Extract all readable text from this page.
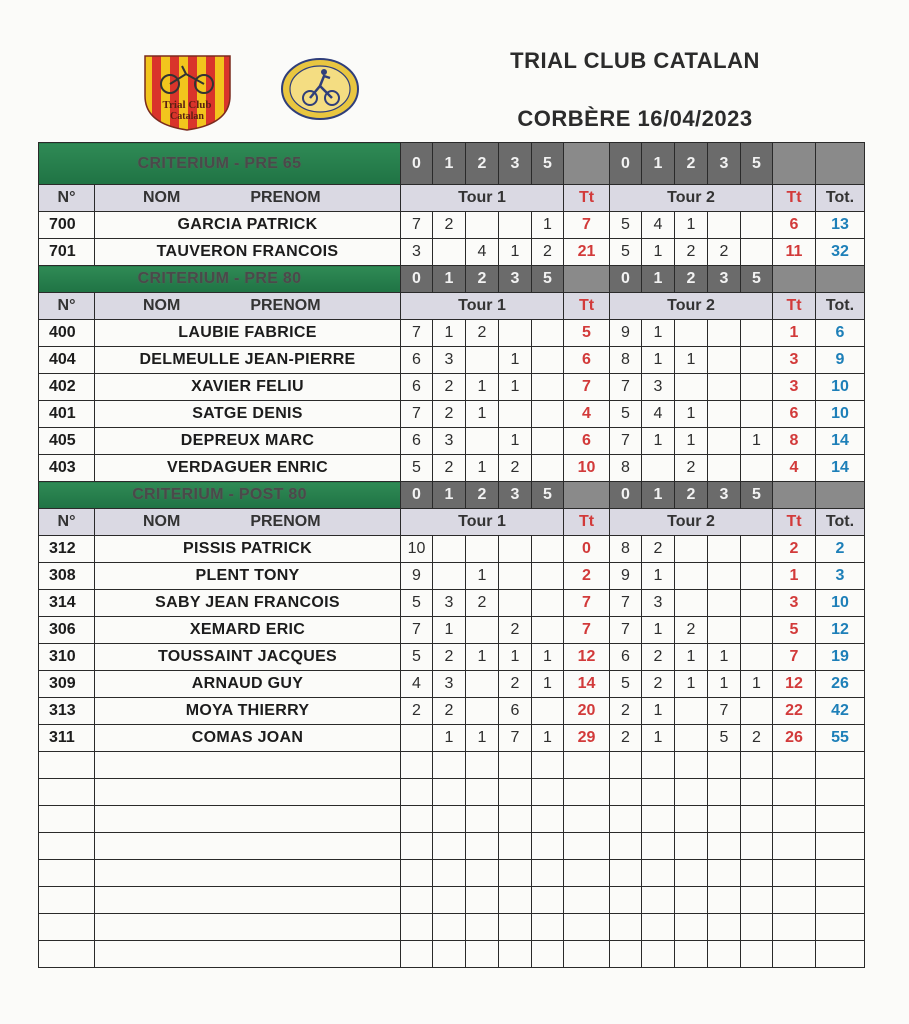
Trial Club
Catalan
TRIAL CLUB CATALAN
CORBÈRE 16/04/2023
CRITERIUM - PRE 65		0	1	2	3	5		0	1	2	3	5		
N°	NOM PRENOM	Tour 1					Tt	Tour 2					Tt	Tot.
700	GARCIA PATRICK	7	2			1	7	5	4	1			6	13
701	TAUVERON FRANCOIS	3		4	1	2	21	5	1	2	2		11	32
CRITERIUM - PRE 80		0	1	2	3	5		0	1	2	3	5		
N°	NOM PRENOM	Tour 1					Tt	Tour 2					Tt	Tot.
400	LAUBIE FABRICE	7	1	2			5	9	1				1	6
404	DELMEULLE JEAN-PIERRE	6	3		1		6	8	1	1			3	9
402	XAVIER FELIU	6	2	1	1		7	7	3				3	10
401	SATGE DENIS	7	2	1			4	5	4	1			6	10
405	DEPREUX MARC	6	3		1		6	7	1	1		1	8	14
403	VERDAGUER ENRIC	5	2	1	2		10	8		2			4	14
CRITERIUM - POST 80		0	1	2	3	5		0	1	2	3	5		
N°	NOM PRENOM	Tour 1					Tt	Tour 2					Tt	Tot.
312	PISSIS PATRICK	10					0	8	2				2	2
308	PLENT TONY	9		1			2	9	1				1	3
314	SABY JEAN FRANCOIS	5	3	2			7	7	3				3	10
306	XEMARD ERIC	7	1		2		7	7	1	2			5	12
310	TOUSSAINT JACQUES	5	2	1	1	1	12	6	2	1	1		7	19
309	ARNAUD GUY	4	3		2	1	14	5	2	1	1	1	12	26
313	MOYA THIERRY	2	2		6		20	2	1		7		22	42
311	COMAS JOAN		1	1	7	1	29	2	1		5	2	26	55
